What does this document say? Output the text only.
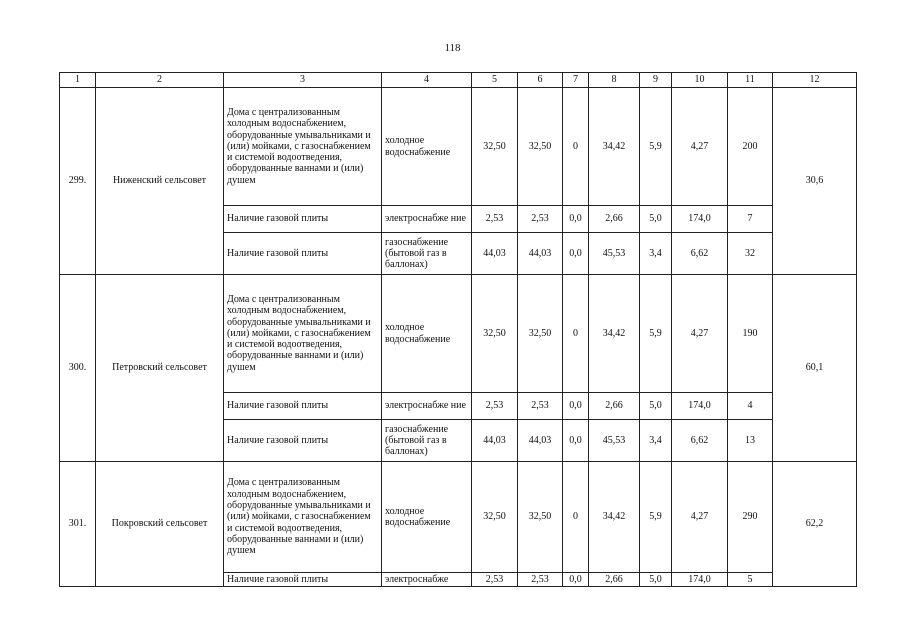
118
1	2	3	4	5	6	7	8	9	10	11	12
299.	Ниженский сельсовет	Дома с централизованным холодным водоснабжением, оборудованные умывальниками и (или) мойками, с газоснабжением и системой водоотведения, оборудованные ваннами и (или) душем	холодное водоснабжение	32,50	32,50	0	34,42	5,9	4,27	200	30,6
		Наличие газовой плиты	электроснабже ние	2,53	2,53	0,0	2,66	5,0	174,0	7	
		Наличие газовой плиты	газоснабжение (бытовой газ в баллонах)	44,03	44,03	0,0	45,53	3,4	6,62	32	
300.	Петровский сельсовет	Дома с централизованным холодным водоснабжением, оборудованные умывальниками и (или) мойками, с газоснабжением и системой водоотведения, оборудованные ваннами и (или) душем	холодное водоснабжение	32,50	32,50	0	34,42	5,9	4,27	190	60,1
		Наличие газовой плиты	электроснабже ние	2,53	2,53	0,0	2,66	5,0	174,0	4	
		Наличие газовой плиты	газоснабжение (бытовой газ в баллонах)	44,03	44,03	0,0	45,53	3,4	6,62	13	
301.	Покровский сельсовет	Дома с централизованным холодным водоснабжением, оборудованные умывальниками и (или) мойками, с газоснабжением и системой водоотведения, оборудованные ваннами и (или) душем	холодное водоснабжение	32,50	32,50	0	34,42	5,9	4,27	290	62,2
		Наличие газовой плиты	электроснабже	2,53	2,53	0,0	2,66	5,0	174,0	5	
